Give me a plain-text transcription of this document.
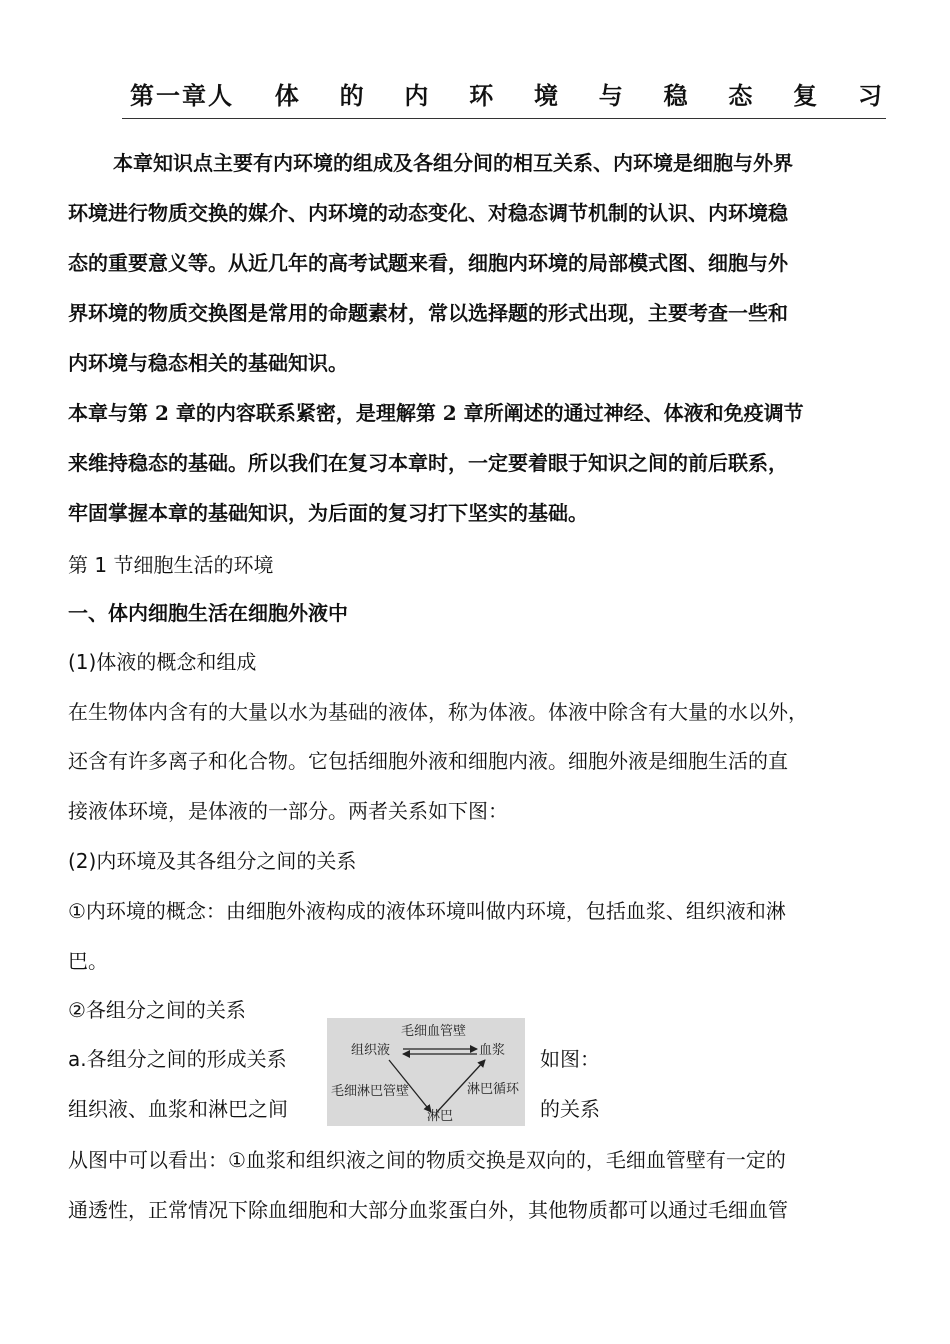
第一章人 体 的 内 环 境 与 稳 态 复 习
本章知识点主要有内环境的组成及各组分间的相互关系、内环境是细胞与外界
环境进行物质交换的媒介、内环境的动态变化、对稳态调节机制的认识、内环境稳
态的重要意义等。从近几年的高考试题来看，细胞内环境的局部模式图、细胞与外
界环境的物质交换图是常用的命题素材，常以选择题的形式出现，主要考查一些和
内环境与稳态相关的基础知识。
本章与第 2 章的内容联系紧密，是理解第 2 章所阐述的通过神经、体液和免疫调节
来维持稳态的基础。所以我们在复习本章时，一定要着眼于知识之间的前后联系，
牢固掌握本章的基础知识，为后面的复习打下坚实的基础。
第 1 节细胞生活的环境
一、体内细胞生活在细胞外液中
(1)体液的概念和组成
在生物体内含有的大量以水为基础的液体，称为体液。体液中除含有大量的水以外，
还含有许多离子和化合物。它包括细胞外液和细胞内液。细胞外液是细胞生活的直
接液体环境，是体液的一部分。两者关系如下图：
(2)内环境及其各组分之间的关系
①内环境的概念：由细胞外液构成的液体环境叫做内环境，包括血浆、组织液和淋
巴。
②各组分之间的关系
a.各组分之间的形成关系	如图：
组织液、血浆和淋巴之间	的关系
毛细血管壁
组织液	血浆
毛细淋巴管壁	淋巴循环
淋巴
从图中可以看出：①血浆和组织液之间的物质交换是双向的，毛细血管壁有一定的
通透性，正常情况下除血细胞和大部分血浆蛋白外，其他物质都可以通过毛细血管
